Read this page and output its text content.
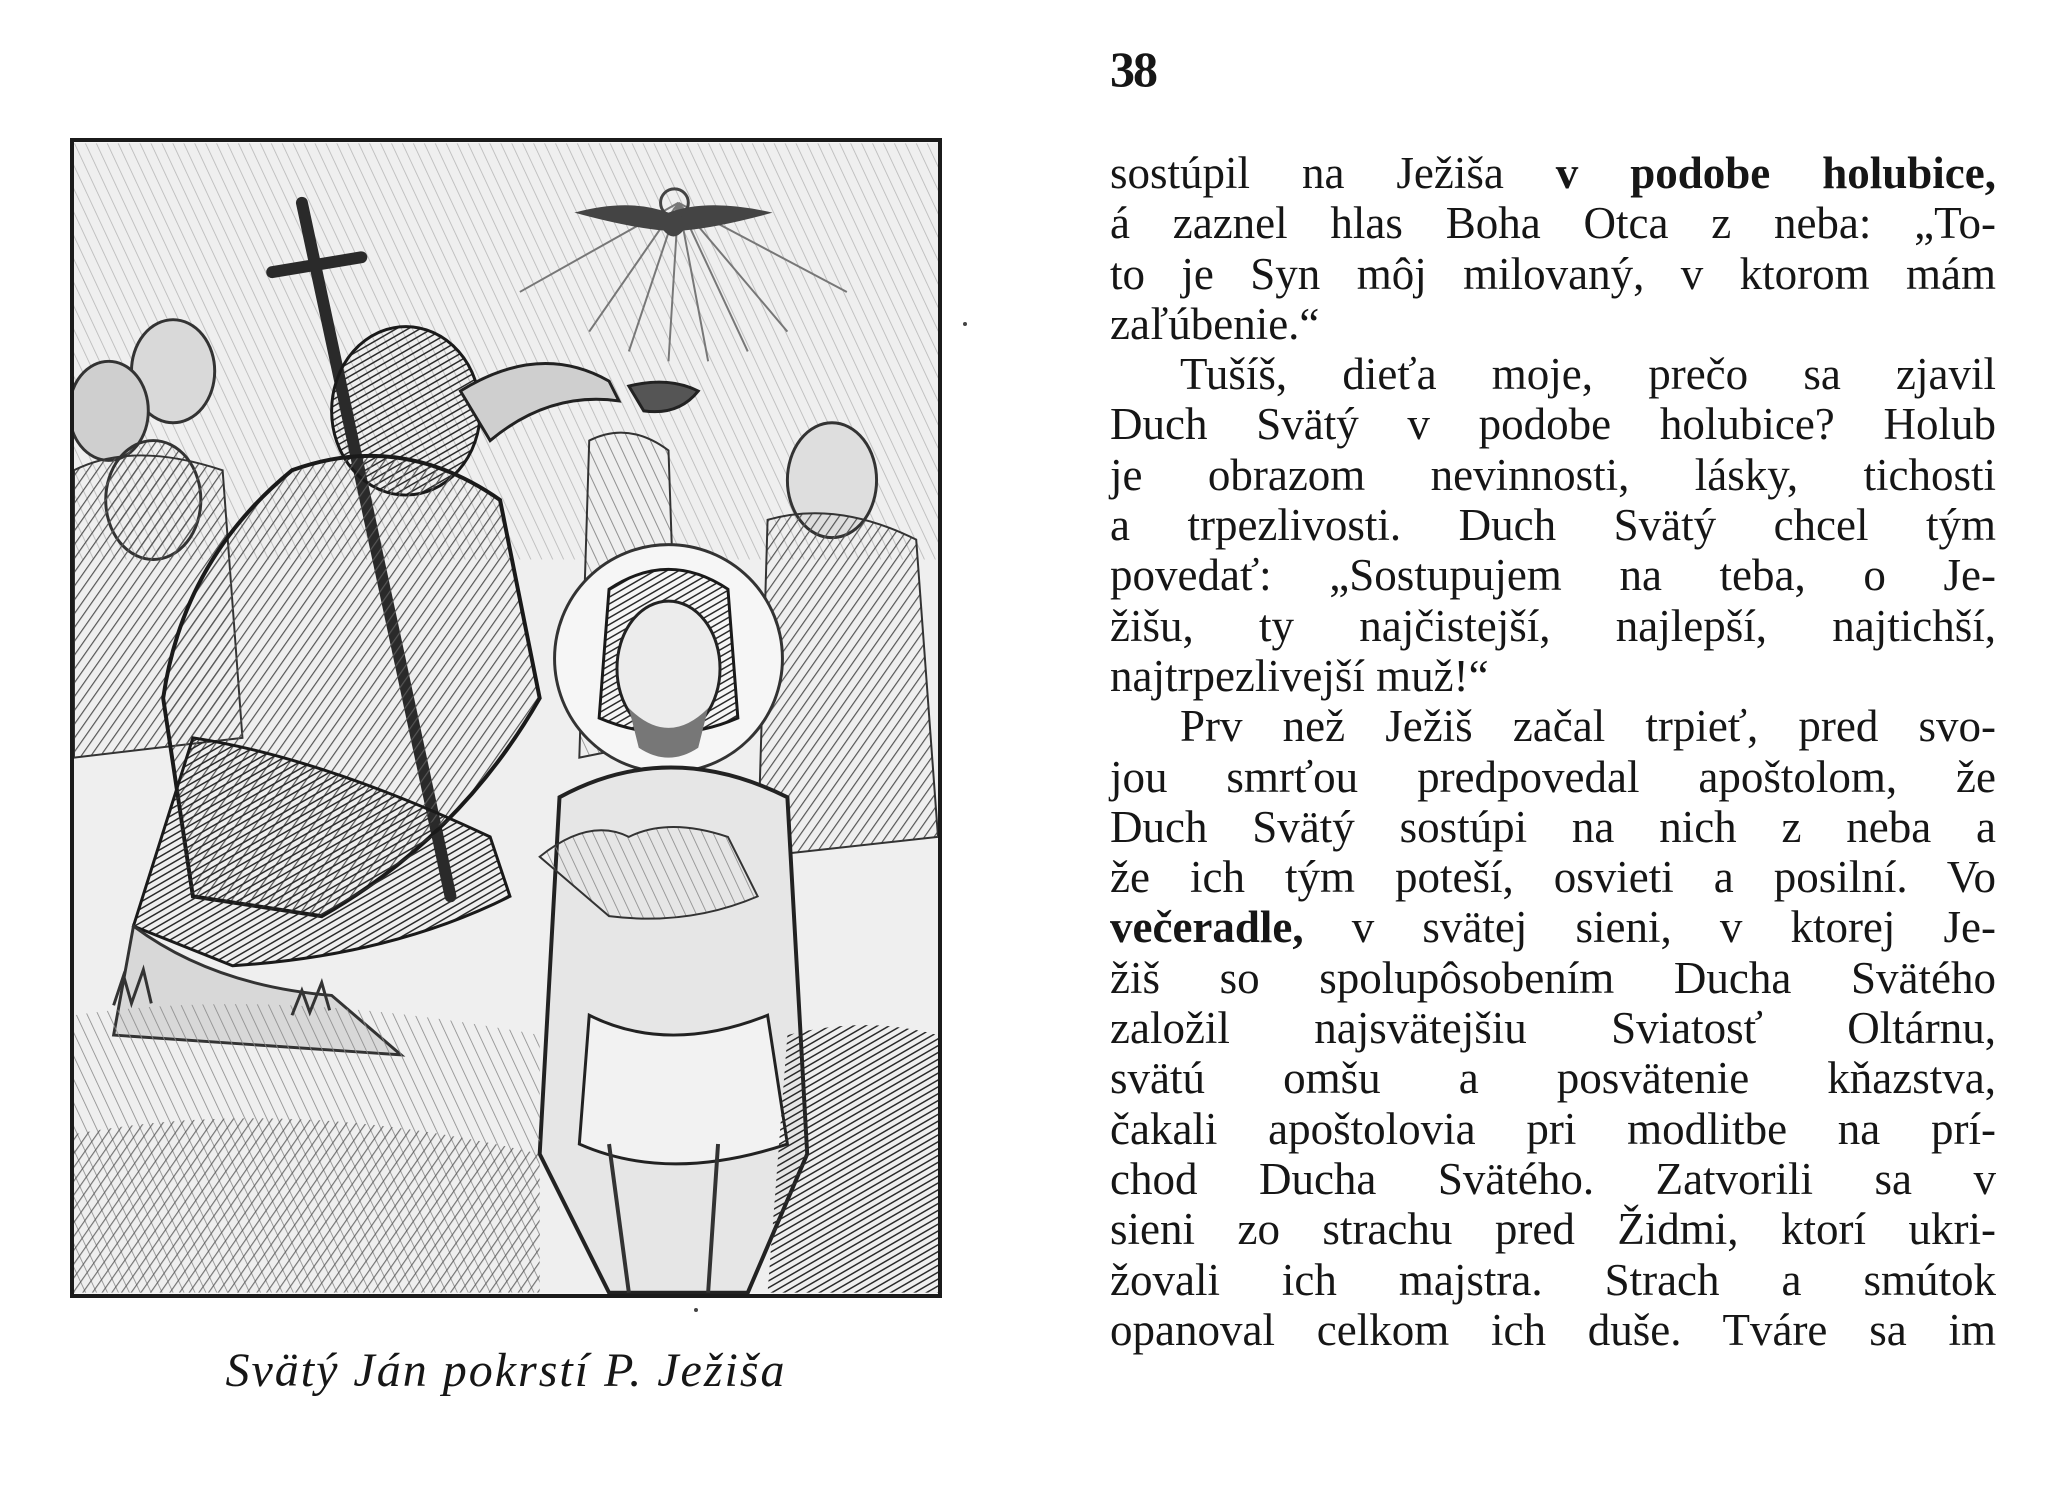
38
Svätý Ján pokrstí P. Ježiša
sostúpil na Ježiša v podobe holubice,
á zaznel hlas Boha Otca z neba: „To-
to je Syn môj milovaný, v ktorom mám
zaľúbenie.“
Tušíš, dieťa moje, prečo sa zjavil
Duch Svätý v podobe holubice? Holub
je obrazom nevinnosti, lásky, tichosti
a trpezlivosti. Duch Svätý chcel tým
povedať: „Sostupujem na teba, o Je-
žišu, ty najčistejší, najlepší, najtichší,
najtrpezlivejší muž!“
Prv než Ježiš začal trpieť, pred svo-
jou smrťou predpovedal apoštolom, že
Duch Svätý sostúpi na nich z neba a
že ich tým poteší, osvieti a posilní. Vo
večeradle, v svätej sieni, v ktorej Je-
žiš so spolupôsobením Ducha Svätého
založil najsvätejšiu Sviatosť Oltárnu,
svätú omšu a posvätenie kňazstva,
čakali apoštolovia pri modlitbe na prí-
chod Ducha Svätého. Zatvorili sa v
sieni zo strachu pred Židmi, ktorí ukri-
žovali ich majstra. Strach a smútok
opanoval celkom ich duše. Tváre sa im
